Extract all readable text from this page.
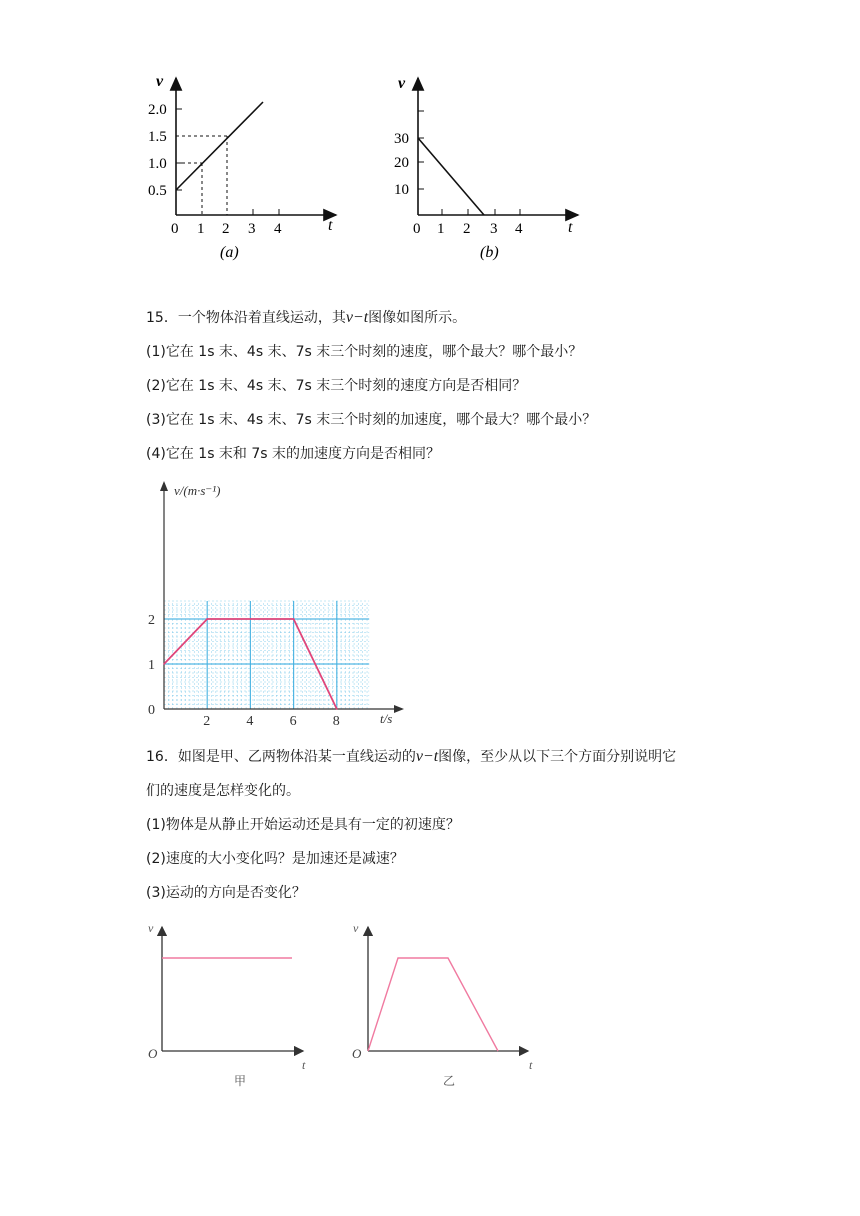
v
t
2.0
1.5
1.0
0.5
0 1 2 3 4
(a)
v
t
30
20
10
0 1 2 3 4
(b)
15．一个物体沿着直线运动，其v−t图像如图所示。
(1)它在 1s 末、4s 末、7s 末三个时刻的速度，哪个最大？哪个最小？
(2)它在 1s 末、4s 末、7s 末三个时刻的速度方向是否相同？
(3)它在 1s 末、4s 末、7s 末三个时刻的加速度，哪个最大？哪个最小？
(4)它在 1s 末和 7s 末的加速度方向是否相同？
v/(m·s⁻¹)
t/s
2
1
0
2	4	6	8
16．如图是甲、乙两物体沿某一直线运动的v−t图像，至少从以下三个方面分别说明它
们的速度是怎样变化的。
(1)物体是从静止开始运动还是具有一定的初速度？
(2)速度的大小变化吗？是加速还是减速？
(3)运动的方向是否变化？
v
t
O
甲
v
t
O
乙
